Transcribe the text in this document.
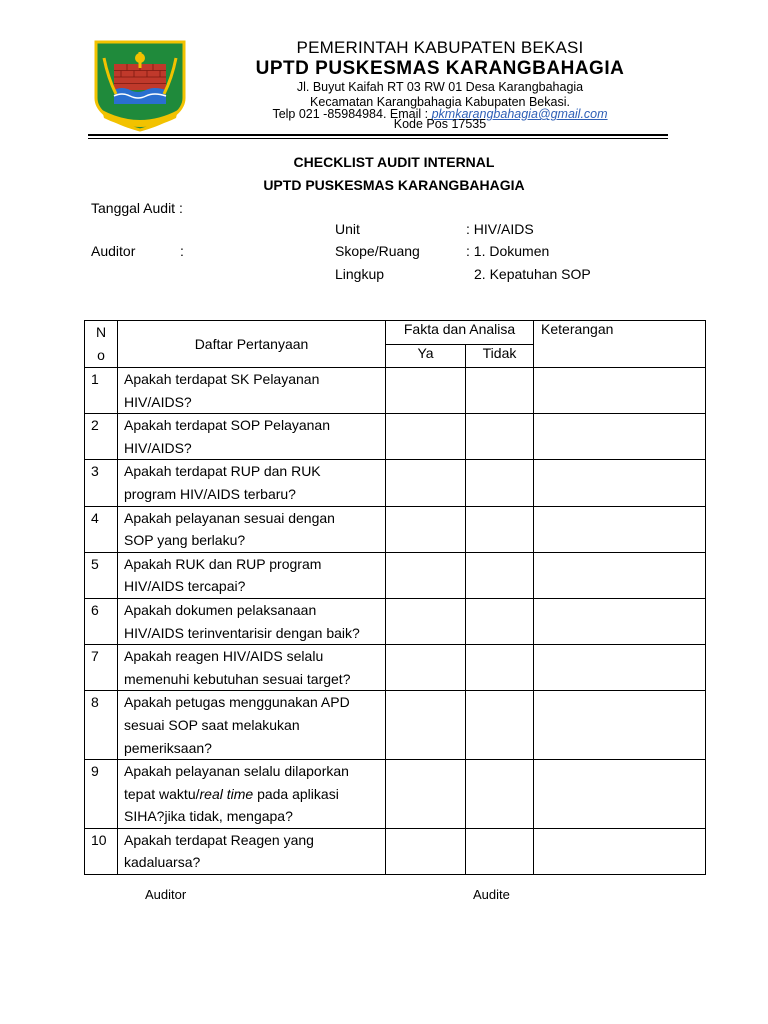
PEMERINTAH KABUPATEN BEKASI
UPTD PUSKESMAS KARANGBAHAGIA
Jl. Buyut Kaifah RT 03 RW 01 Desa Karangbahagia
Kecamatan Karangbahagia Kabupaten Bekasi.
Telp 021 -85984984. Email : pkmkarangbahagia@gmail.com
Kode Pos 17535
CHECKLIST AUDIT INTERNAL
UPTD PUSKESMAS KARANGBAHAGIA
Tanggal Audit :
Auditor	:
Unit	: HIV/AIDS
Skope/Ruang	: 1. Dokumen
Lingkup	2. Kepatuhan SOP
N
o	Daftar Pertanyaan	Fakta dan Analisa		Keterangan
		Ya	Tidak	
1	Apakah terdapat SK Pelayanan
HIV/AIDS?			

2	Apakah terdapat SOP Pelayanan
HIV/AIDS?			

3	Apakah terdapat RUP dan RUK
program HIV/AIDS terbaru?			

4	Apakah pelayanan sesuai dengan
SOP yang berlaku?			

5	Apakah RUK dan RUP program
HIV/AIDS tercapai?			

6	Apakah dokumen pelaksanaan
HIV/AIDS terinventarisir dengan baik?			

7	Apakah reagen HIV/AIDS selalu
memenuhi kebutuhan sesuai target?			

8	Apakah petugas menggunakan APD
sesuai SOP saat melakukan
pemeriksaan?			

9	Apakah pelayanan selalu dilaporkan
tepat waktu/real time pada aplikasi
SIHA?jika tidak, mengapa?			

10	Apakah terdapat Reagen yang
kadaluarsa?			

Auditor	Audite
